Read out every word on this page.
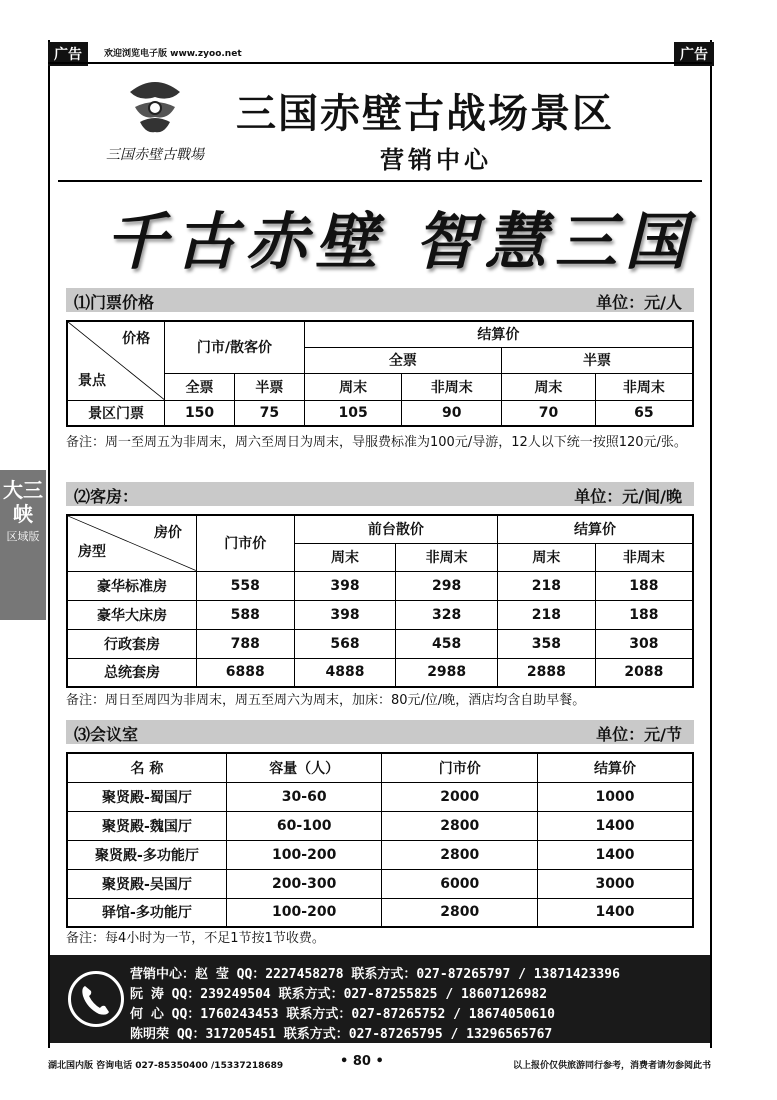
广告	广告
欢迎浏览电子版 www.zyoo.net
三国赤壁古戰場
三国赤壁古战场景区
营销中心
千古赤壁 智慧三国
大三峡
区域版
⑴门票价格	单位：元/人
价格
景点	门市/散客价		结算价			
			全票		半票	
	全票	半票	周末	非周末	周末	非周末
景区门票	150	75	105	90	70	65
备注：周一至周五为非周末，周六至周日为周末，导服费标准为100元/导游，12人以下统一按照120元/张。
⑵客房：	单位：元/间/晚
房价
房型	门市价	前台散价		结算价	
		周末	非周末	周末	非周末
豪华标准房	558	398	298	218	188
豪华大床房	588	398	328	218	188
行政套房	788	568	458	358	308
总统套房	6888	4888	2988	2888	2088
备注：周日至周四为非周末，周五至周六为周末，加床：80元/位/晚，酒店均含自助早餐。
⑶会议室	单位：元/节
名 称	容量（人）	门市价	结算价
聚贤殿-蜀国厅	30-60	2000	1000
聚贤殿-魏国厅	60-100	2800	1400
聚贤殿-多功能厅	100-200	2800	1400
聚贤殿-吴国厅	200-300	6000	3000
驿馆-多功能厅	100-200	2800	1400
备注：每4小时为一节，不足1节按1节收费。
营销中心：赵 莹 QQ：2227458278 联系方式：027-87265797 / 13871423396
阮 涛 QQ：239249504 联系方式：027-87255825 / 18607126982
何 心 QQ：1760243453 联系方式：027-87265752 / 18674050610
陈明荣 QQ：317205451 联系方式：027-87265795 / 13296565767
湖北国内版 咨询电话 027-85350400 /15337218689	• 80 •	以上报价仅供旅游同行参考，消费者请勿参阅此书
